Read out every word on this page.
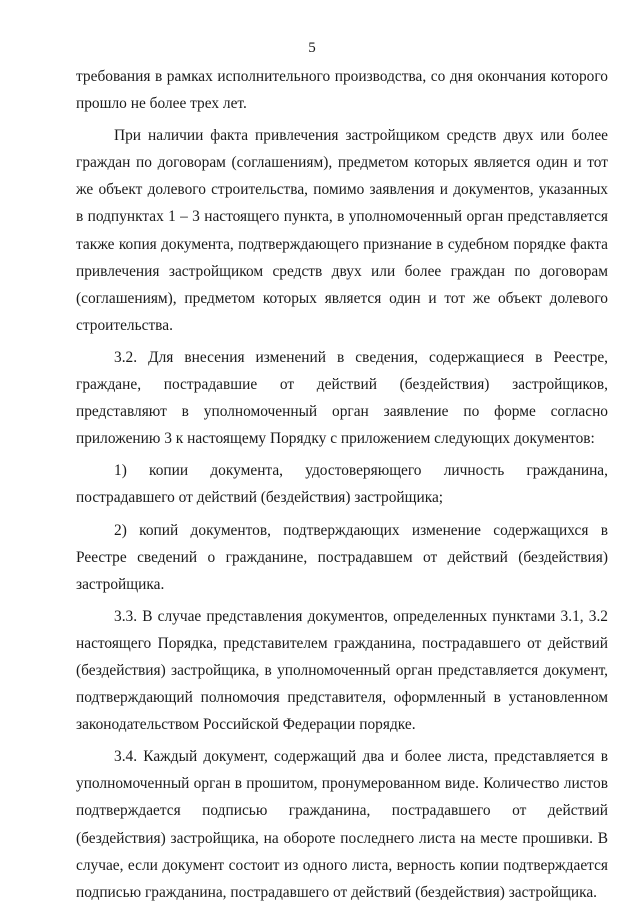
5

требования в рамках исполнительного производства, со дня окончания которого прошло не более трех лет.

При наличии факта привлечения застройщиком средств двух или более граждан по договорам (соглашениям), предметом которых является один и тот же объект долевого строительства, помимо заявления и документов, указанных в подпунктах 1 – 3 настоящего пункта, в уполномоченный орган представляется также копия документа, подтверждающего признание в судебном порядке факта привлечения застройщиком средств двух или более граждан по договорам (соглашениям), предметом которых является один и тот же объект долевого строительства.

3.2. Для внесения изменений в сведения, содержащиеся в Реестре, граждане, пострадавшие от действий (бездействия) застройщиков, представляют в уполномоченный орган заявление по форме согласно приложению 3 к настоящему Порядку с приложением следующих документов:

1) копии документа, удостоверяющего личность гражданина, пострадавшего от действий (бездействия) застройщика;

2) копий документов, подтверждающих изменение содержащихся в Реестре сведений о гражданине, пострадавшем от действий (бездействия) застройщика.

3.3. В случае представления документов, определенных пунктами 3.1, 3.2 настоящего Порядка, представителем гражданина, пострадавшего от действий (бездействия) застройщика, в уполномоченный орган представляется документ, подтверждающий полномочия представителя, оформленный в установленном законодательством Российской Федерации порядке.

3.4. Каждый документ, содержащий два и более листа, представляется в уполномоченный орган в прошитом, пронумерованном виде. Количество листов подтверждается подписью гражданина, пострадавшего от действий (бездействия) застройщика, на обороте последнего листа на месте прошивки. В случае, если документ состоит из одного листа, верность копии подтверждается подписью гражданина, пострадавшего от действий (бездействия) застройщика.
